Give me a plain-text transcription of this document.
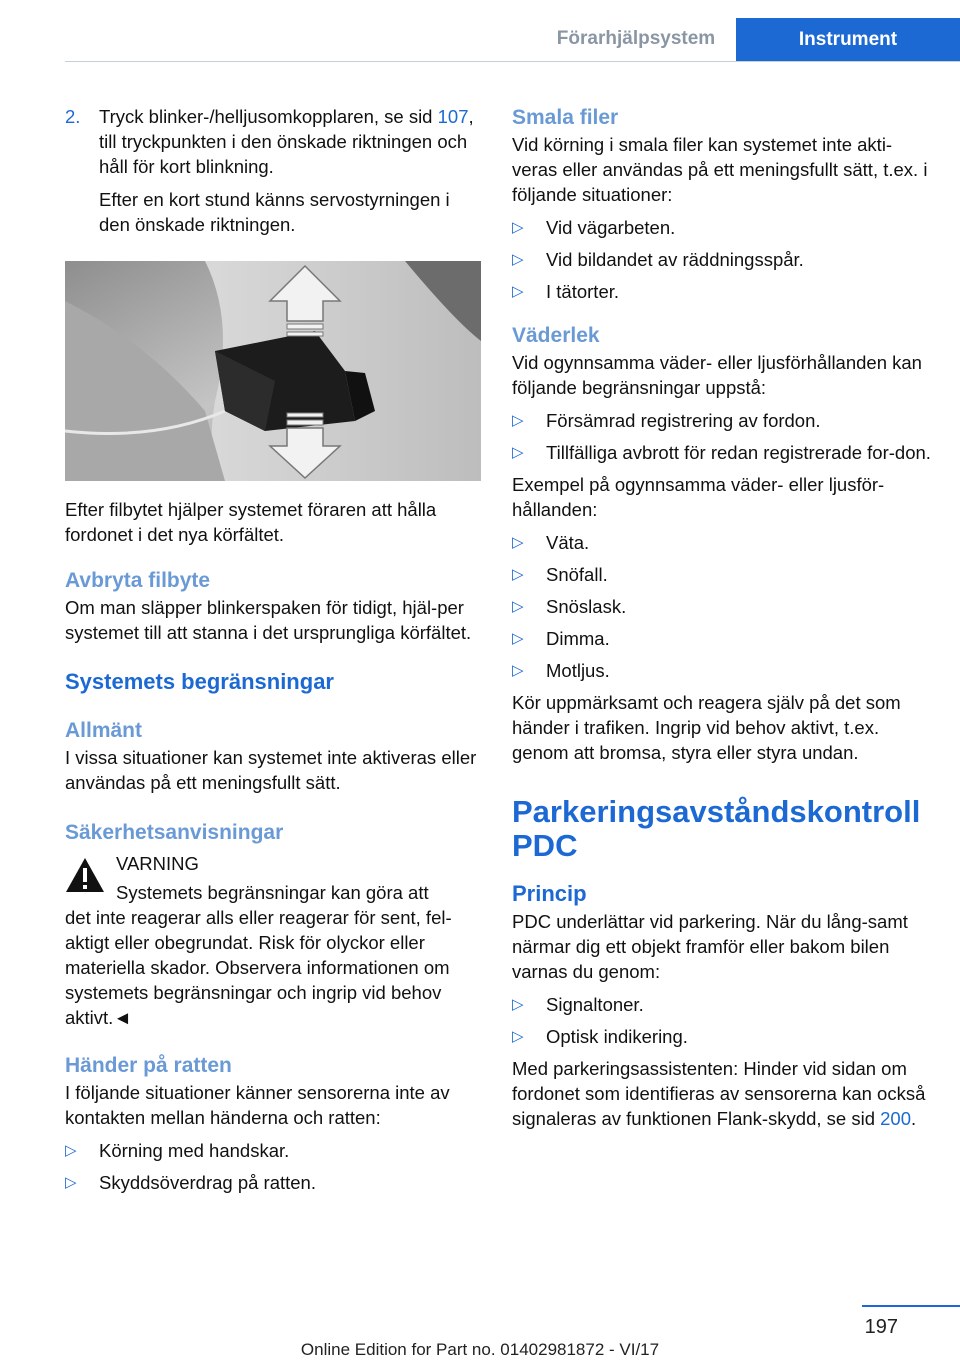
Förarhjälpsystem	Instrument
2.	Tryck blinker-/helljusomkopplaren, se sid 107, till tryckpunkten i den önskade riktningen och håll för kort blinkning.

Efter en kort stund känns servostyrningen i den önskade riktningen.

Efter filbytet hjälper systemet föraren att hålla fordonet i det nya körfältet.

Avbryta filbyte

Om man släpper blinkerspaken för tidigt, hjäl-per systemet till att stanna i det ursprungliga körfältet.

Systemets begränsningar
Allmänt

I vissa situationer kan systemet inte aktiveras eller användas på ett meningsfullt sätt.

Säkerhetsanvisningar

VARNING

Systemets begränsningar kan göra att

det inte reagerar alls eller reagerar för sent, fel-aktigt eller obegrundat. Risk för olyckor eller materiella skador. Observera informationen om systemets begränsningar och ingrip vid behov aktivt.◄

Händer på ratten

I följande situationer känner sensorerna inte av kontakten mellan händerna och ratten:

▷	Körning med handskar.
▷	Skyddsöverdrag på ratten.
Smala filer

Vid körning i smala filer kan systemet inte akti-veras eller användas på ett meningsfullt sätt, t.ex. i följande situationer:

▷	Vid vägarbeten.
▷	Vid bildandet av räddningsspår.
▷	I tätorter.
Väderlek

Vid ogynnsamma väder- eller ljusförhållanden kan följande begränsningar uppstå:

▷	Försämrad registrering av fordon.
▷	Tillfälliga avbrott för redan registrerade for-don.

Exempel på ogynnsamma väder- eller ljusför-hållanden:

▷	Väta.
▷	Snöfall.
▷	Snöslask.
▷	Dimma.
▷	Motljus.

Kör uppmärksamt och reagera själv på det som händer i trafiken. Ingrip vid behov aktivt, t.ex. genom att bromsa, styra eller styra undan.

Parkeringsavståndskontroll PDC
Princip

PDC underlättar vid parkering. När du lång-samt närmar dig ett objekt framför eller bakom bilen varnas du genom:

▷	Signaltoner.
▷	Optisk indikering.

Med parkeringsassistenten: Hinder vid sidan om fordonet som identifieras av sensorerna kan också signaleras av funktionen Flank-skydd, se sid 200.

197
Online Edition for Part no. 01402981872 - VI/17
